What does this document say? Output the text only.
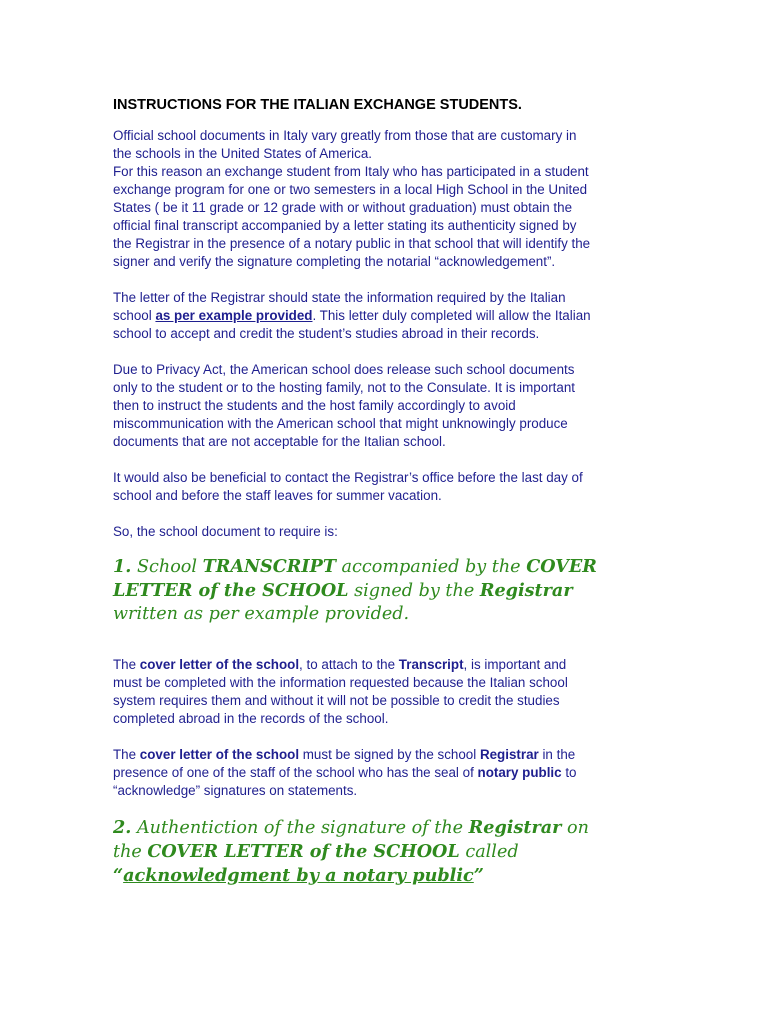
INSTRUCTIONS FOR THE ITALIAN EXCHANGE STUDENTS.
Official school documents in Italy vary greatly from those that are customary in
the schools in the United States of America.
For this reason an exchange student from Italy who has participated in a student
exchange program for one or two semesters in a local High School in the United
States ( be it 11 grade or 12 grade with or without graduation) must obtain the
official final transcript accompanied by a letter stating its authenticity signed by
the Registrar in the presence of a notary public in that school that will identify the
signer and verify the signature completing the notarial “acknowledgement”.
The letter of the Registrar should state the information required by the Italian
school as per example provided. This letter duly completed will allow the Italian
school to accept and credit the student’s studies abroad in their records.
Due to Privacy Act, the American school does release such school documents
only to the student or to the hosting family, not to the Consulate. It is important
then to instruct the students and the host family accordingly to avoid
miscommunication with the American school that might unknowingly produce
documents that are not acceptable for the Italian school.
It would also be beneficial to contact the Registrar’s office before the last day of
school and before the staff leaves for summer vacation.
So, the school document to require is:
1. School TRANSCRIPT accompanied by the COVER
LETTER of the SCHOOL signed by the Registrar
written as per example provided.
The cover letter of the school, to attach to the Transcript, is important and
must be completed with the information requested because the Italian school
system requires them and without it will not be possible to credit the studies
completed abroad in the records of the school.
The cover letter of the school must be signed by the school Registrar in the
presence of one of the staff of the school who has the seal of notary public to
“acknowledge” signatures on statements.
2. Authentiction of the signature of the Registrar on
the COVER LETTER of the SCHOOL called
“acknowledgment by a notary public”
